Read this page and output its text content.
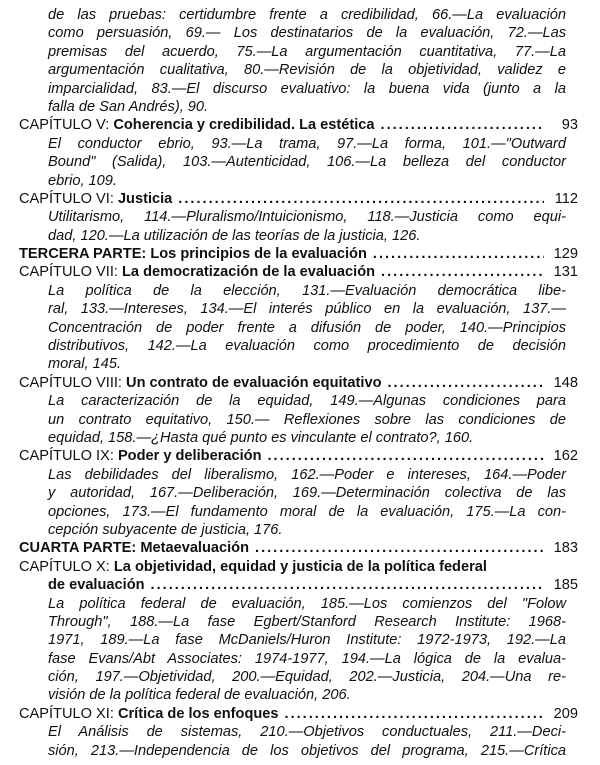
de las pruebas: certidumbre frente a credibilidad, 66.—La evaluación
como persuasión, 69.— Los destinatarios de la evaluación, 72.—Las
premisas del acuerdo, 75.—La argumentación cuantitativa, 77.—La
argumentación cualitativa, 80.—Revisión de la objetividad, validez e
imparcialidad, 83.—El discurso evaluativo: la buena vida (junto a la
falla de San Andrés), 90.
CAPÍTULO V: Coherencia y credibilidad. La estética .....	93
El conductor ebrio, 93.—La trama, 97.—La forma, 101.—"Outward
Bound" (Salida), 103.—Autenticidad, 106.—La belleza del conductor
ebrio, 109.
CAPÍTULO VI: Justicia .....	112
Utilitarismo, 114.—Pluralismo/Intuicionismo, 118.—Justicia como equi-
dad, 120.—La utilización de las teorías de la justicia, 126.
TERCERA PARTE: Los principios de la evaluación .....	129
CAPÍTULO VII: La democratización de la evaluación .....	131
La política de la elección, 131.—Evaluación democrática libe-
ral, 133.—Intereses, 134.—El interés público en la evaluación, 137.—
Concentración de poder frente a difusión de poder, 140.—Principios
distributivos, 142.—La evaluación como procedimiento de decisión
moral, 145.
CAPÍTULO VIII: Un contrato de evaluación equitativo .....	148
La caracterización de la equidad, 149.—Algunas condiciones para
un contrato equitativo, 150.— Reflexiones sobre las condiciones de
equidad, 158.—¿Hasta qué punto es vinculante el contrato?, 160.
CAPÍTULO IX: Poder y deliberación .....	162
Las debilidades del liberalismo, 162.—Poder e intereses, 164.—Poder
y autoridad, 167.—Deliberación, 169.—Determinación colectiva de las
opciones, 173.—El fundamento moral de la evaluación, 175.—La con-
cepción subyacente de justicia, 176.
CUARTA PARTE: Metaevaluación .....	183
CAPÍTULO X: La objetividad, equidad y justicia de la política federal
de evaluación .....	185
La política federal de evaluación, 185.—Los comienzos del "Folow
Through", 188.—La fase Egbert/Stanford Research Institute: 1968-
1971, 189.—La fase McDaniels/Huron Institute: 1972-1973, 192.—La
fase Evans/Abt Associates: 1974-1977, 194.—La lógica de la evalua-
ción, 197.—Objetividad, 200.—Equidad, 202.—Justicia, 204.—Una re-
visión de la política federal de evaluación, 206.
CAPÍTULO XI: Crítica de los enfoques .....	209
El Análisis de sistemas, 210.—Objetivos conductuales, 211.—Deci-
sión, 213.—Independencia de los objetivos del programa, 215.—Crítica
